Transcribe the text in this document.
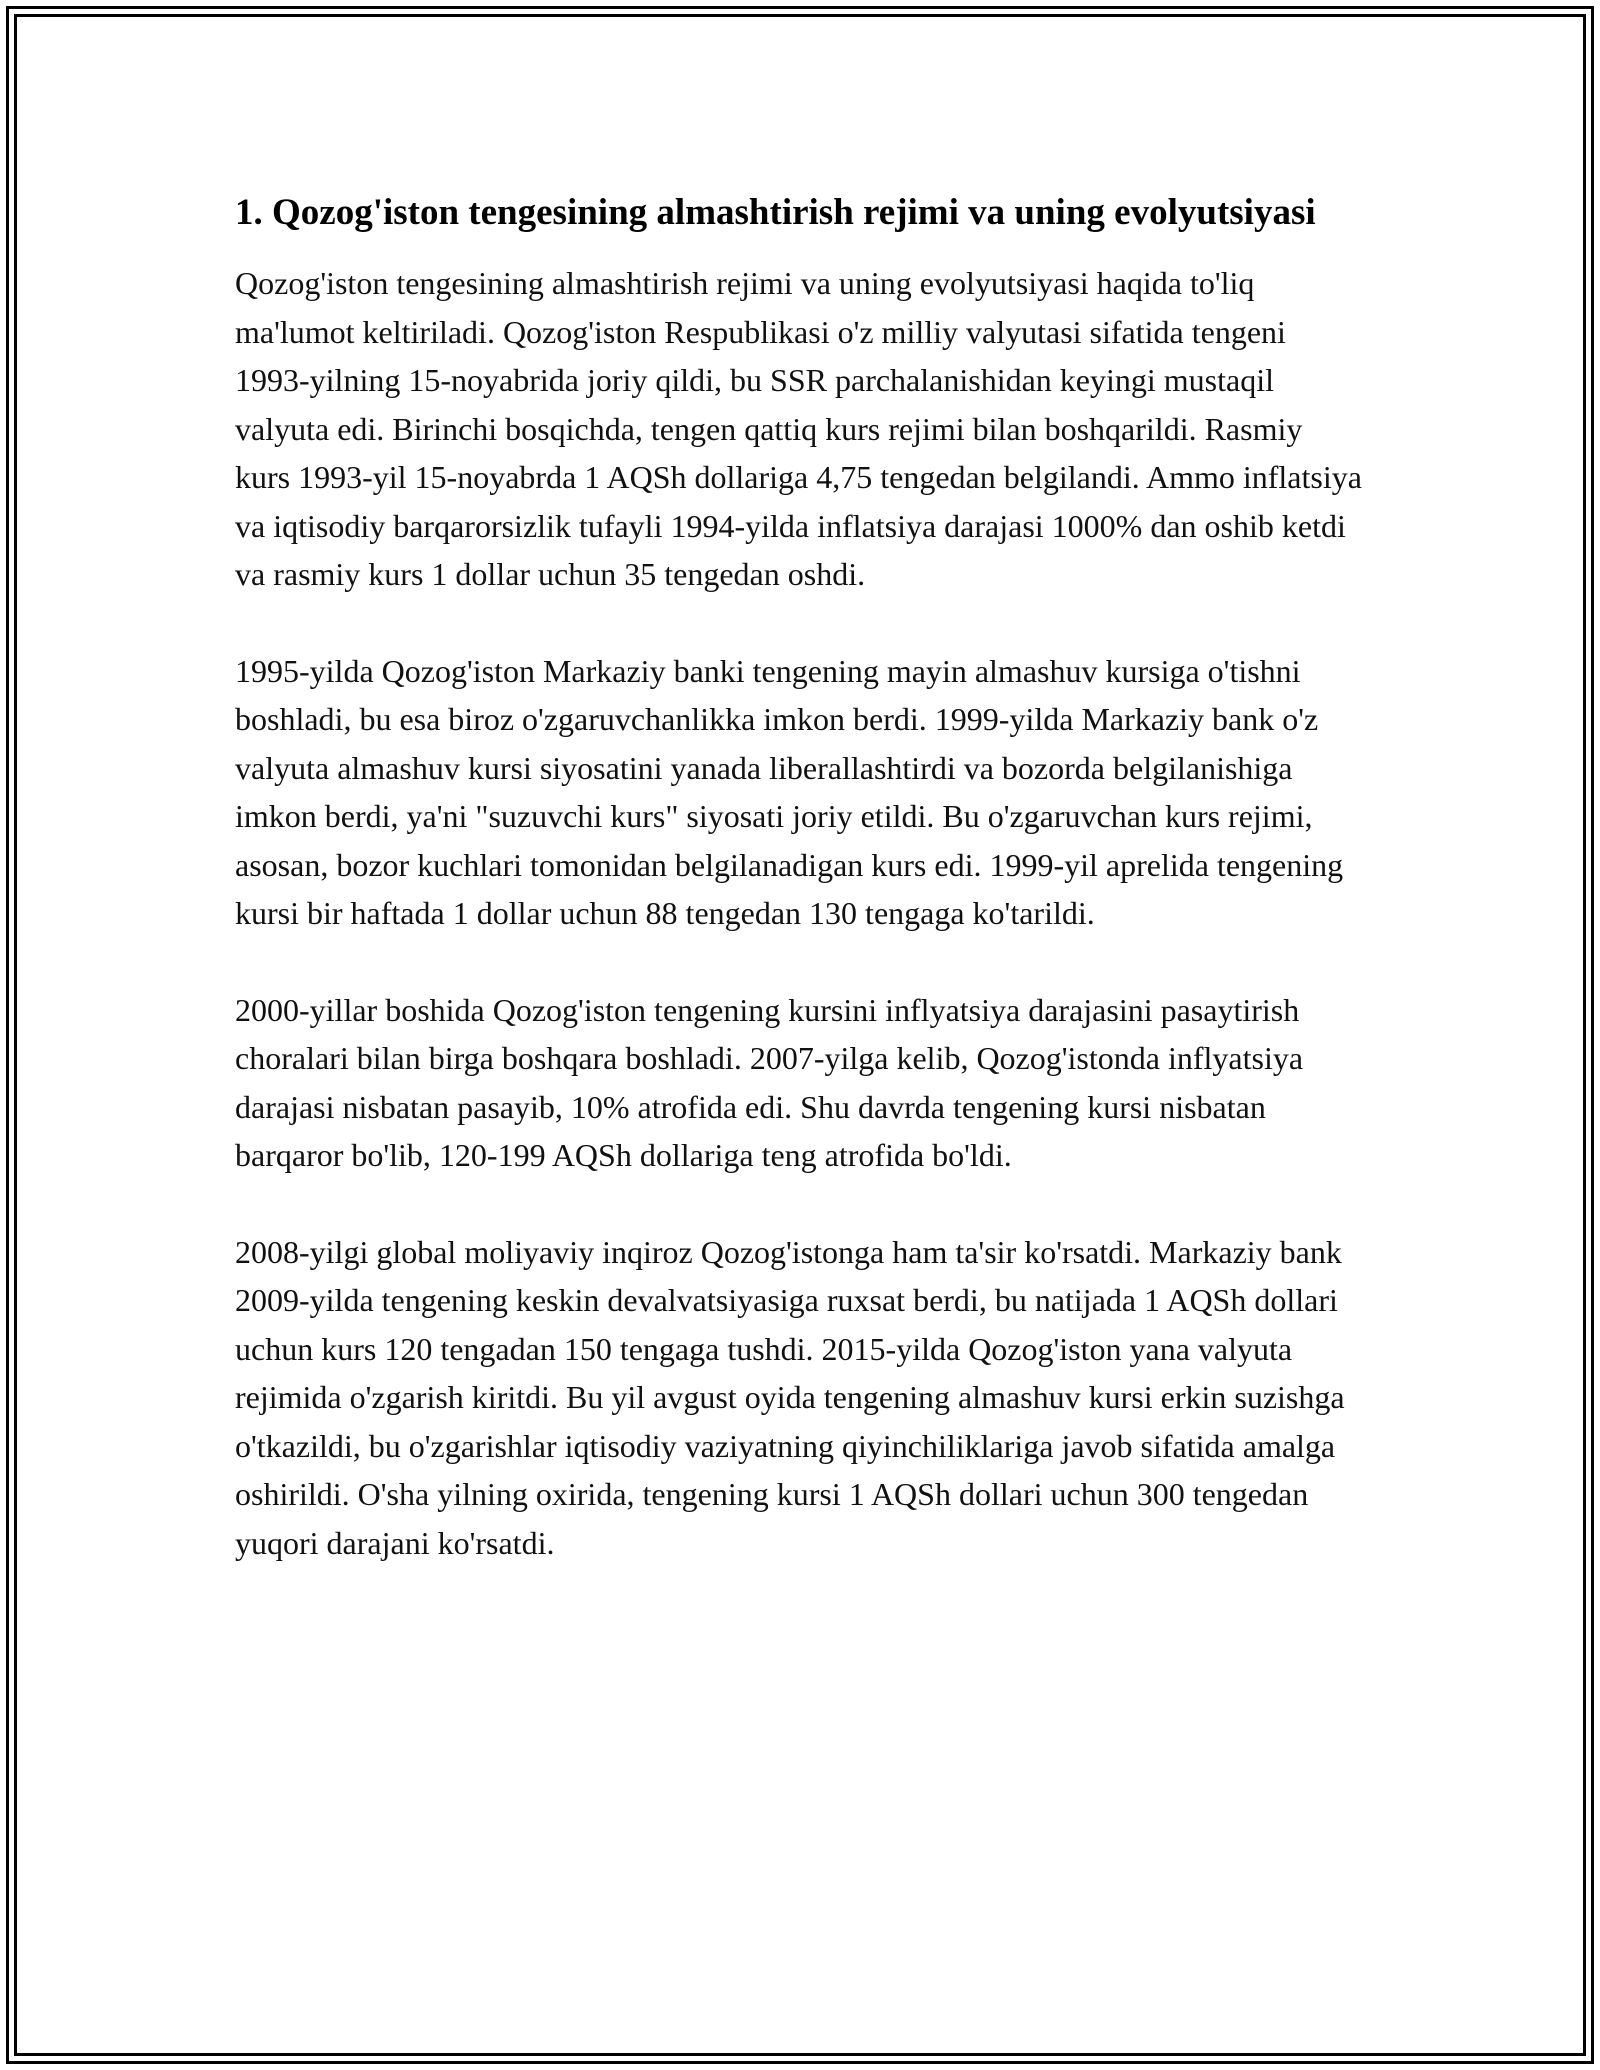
1. Qozog'iston tengesining almashtirish rejimi va uning evolyutsiyasi

Qozog'iston tengesining almashtirish rejimi va uning evolyutsiyasi haqida to'liq ma'lumot keltiriladi. Qozog'iston Respublikasi o'z milliy valyutasi sifatida tengeni 1993-yilning 15-noyabrida joriy qildi, bu SSR parchalanishidan keyingi mustaqil valyuta edi. Birinchi bosqichda, tengen qattiq kurs rejimi bilan boshqarildi. Rasmiy kurs 1993-yil 15-noyabrda 1 AQSh dollariga 4,75 tengedan belgilandi. Ammo inflatsiya va iqtisodiy barqarorsizlik tufayli 1994-yilda inflatsiya darajasi 1000% dan oshib ketdi va rasmiy kurs 1 dollar uchun 35 tengedan oshdi.

1995-yilda Qozog'iston Markaziy banki tengening mayin almashuv kursiga o'tishni boshladi, bu esa biroz o'zgaruvchanlikka imkon berdi. 1999-yilda Markaziy bank o'z valyuta almashuv kursi siyosatini yanada liberallashtirdi va bozorda belgilanishiga imkon berdi, ya'ni "suzuvchi kurs" siyosati joriy etildi. Bu o'zgaruvchan kurs rejimi, asosan, bozor kuchlari tomonidan belgilanadigan kurs edi. 1999-yil aprelida tengening kursi bir haftada 1 dollar uchun 88 tengedan 130 tengaga ko'tarildi.

2000-yillar boshida Qozog'iston tengening kursini inflyatsiya darajasini pasaytirish choralari bilan birga boshqara boshladi. 2007-yilga kelib, Qozog'istonda inflyatsiya darajasi nisbatan pasayib, 10% atrofida edi. Shu davrda tengening kursi nisbatan barqaror bo'lib, 120-199 AQSh dollariga teng atrofida bo'ldi.

2008-yilgi global moliyaviy inqiroz Qozog'istonga ham ta'sir ko'rsatdi. Markaziy bank 2009-yilda tengening keskin devalvatsiyasiga ruxsat berdi, bu natijada 1 AQSh dollari uchun kurs 120 tengadan 150 tengaga tushdi. 2015-yilda Qozog'iston yana valyuta rejimida o'zgarish kiritdi. Bu yil avgust oyida tengening almashuv kursi erkin suzishga o'tkazildi, bu o'zgarishlar iqtisodiy vaziyatning qiyinchiliklariga javob sifatida amalga oshirildi. O'sha yilning oxirida, tengening kursi 1 AQSh dollari uchun 300 tengedan yuqori darajani ko'rsatdi.
